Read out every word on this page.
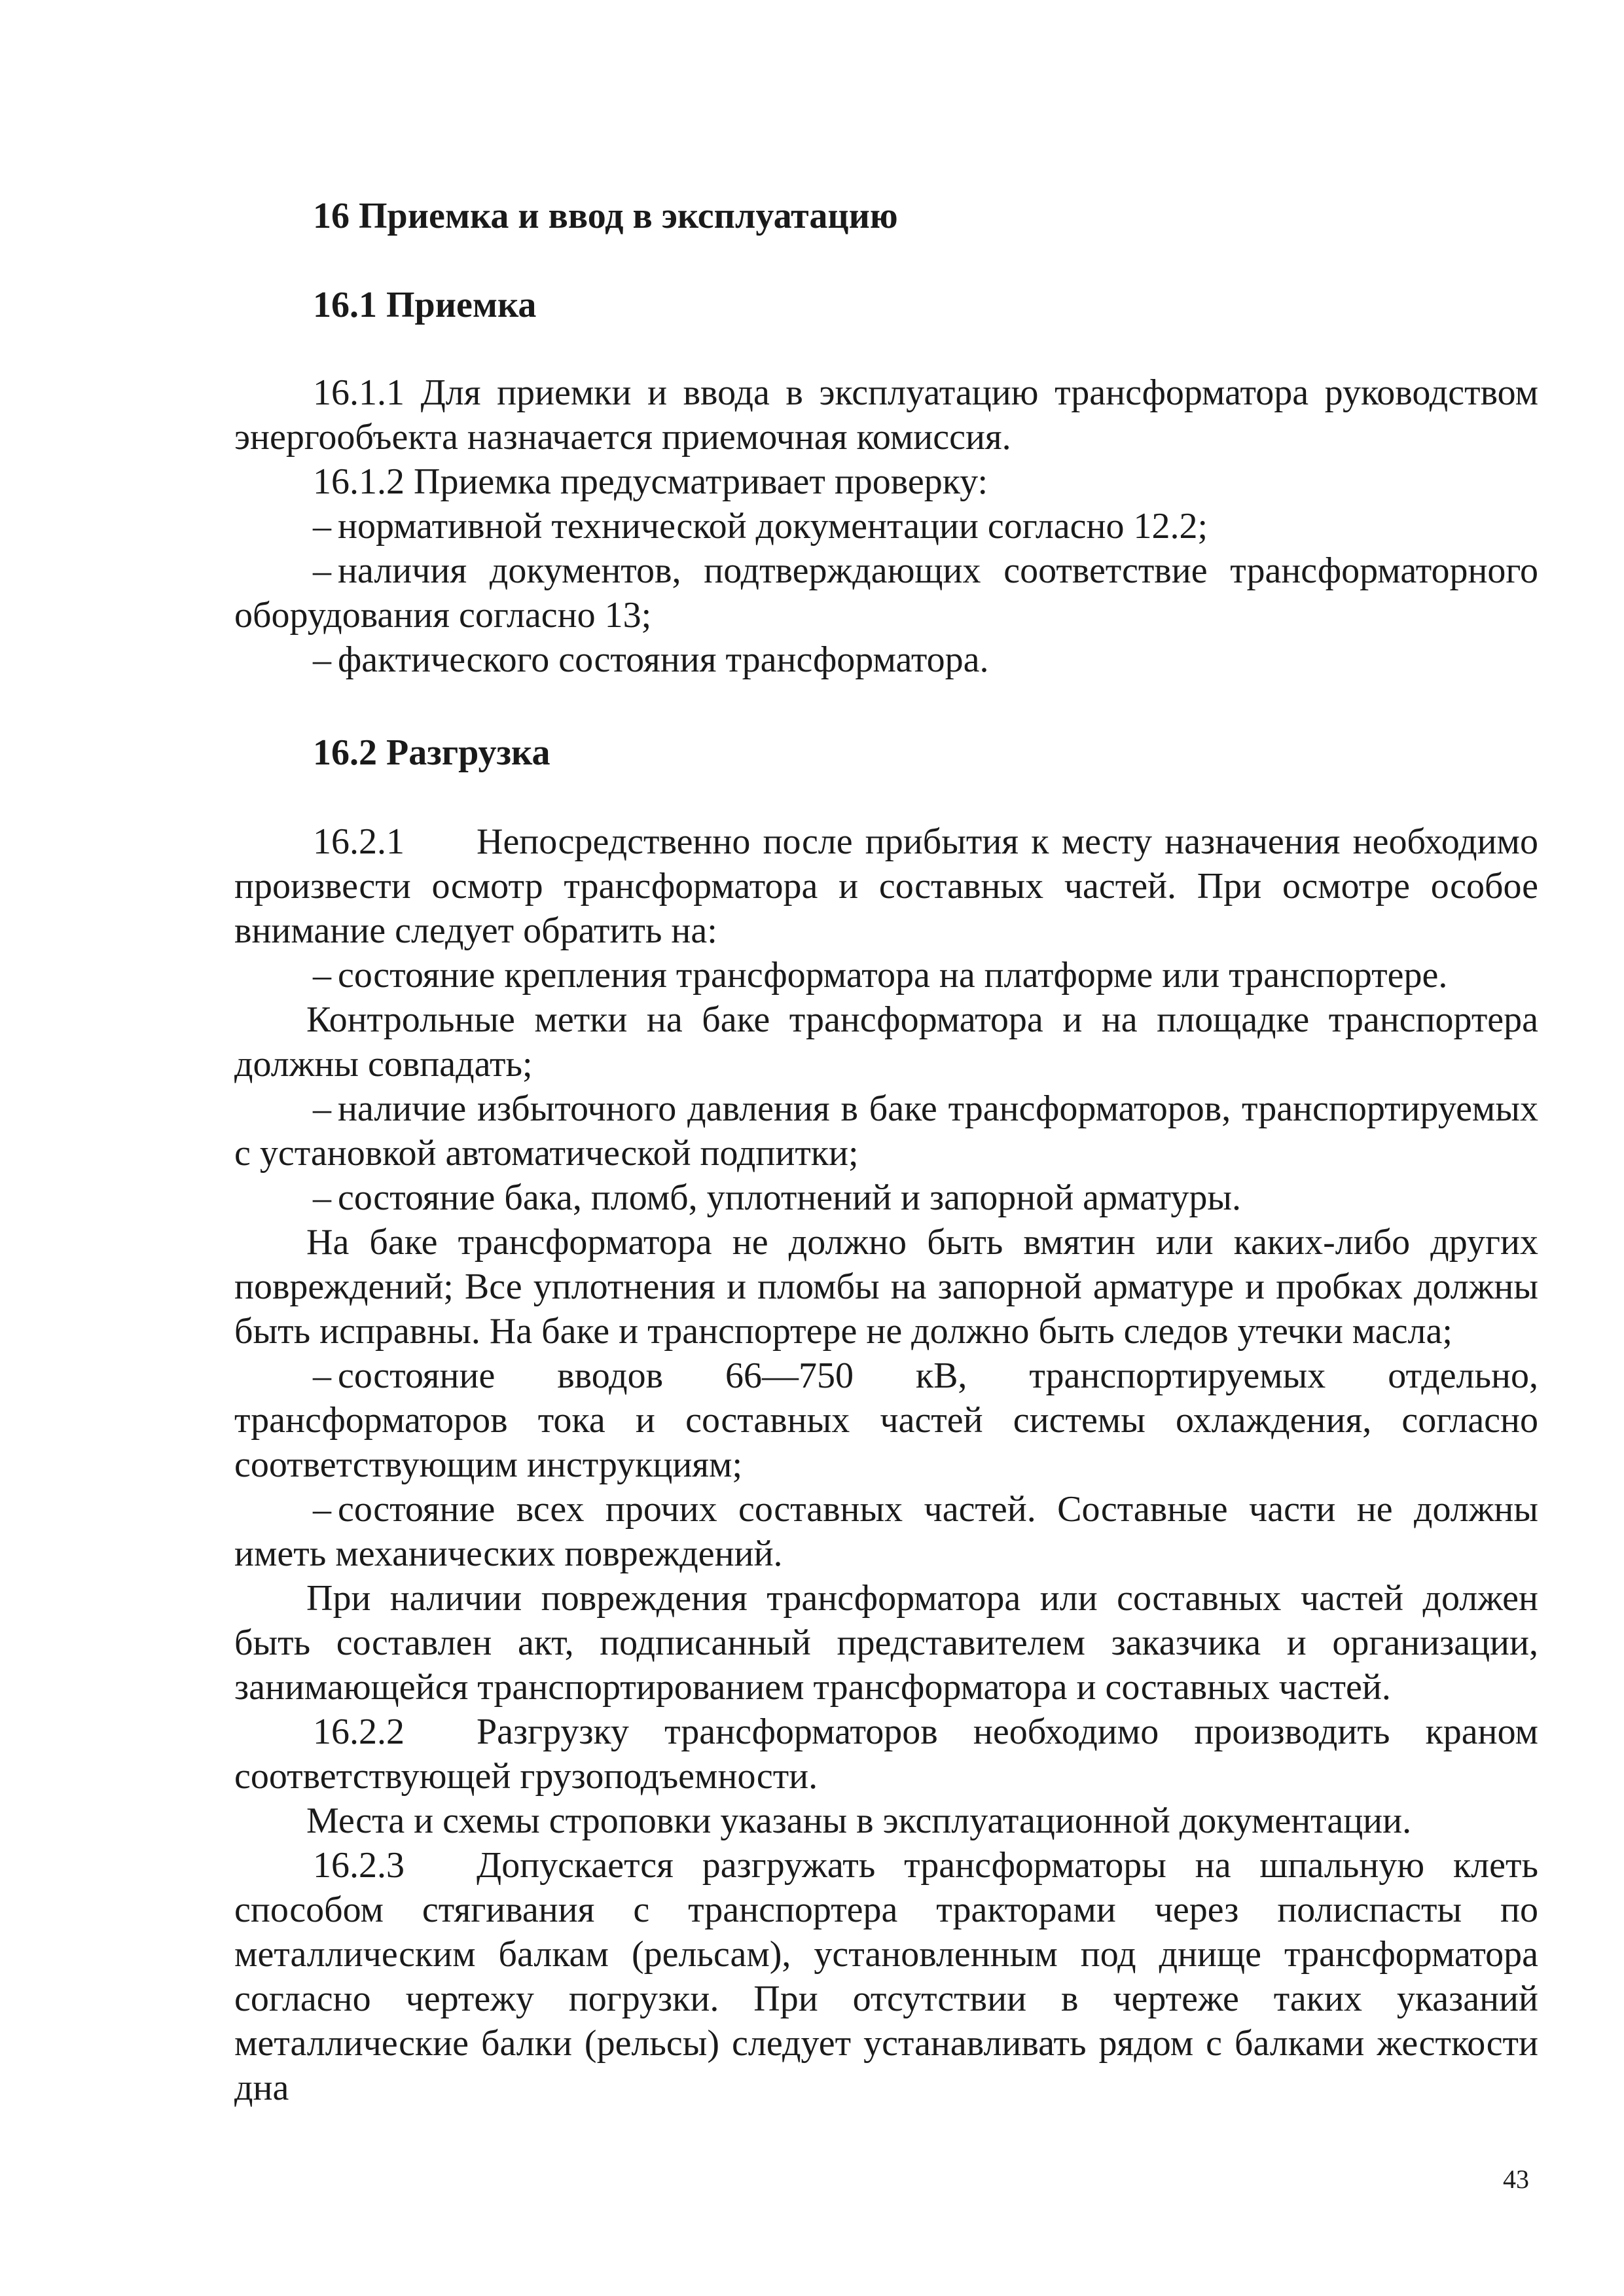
16 Приемка и ввод в эксплуатацию
16.1 Приемка

16.1.1 Для приемки и ввода в эксплуатацию трансформатора руководством энергообъекта назначается приемочная комиссия.

16.1.2 Приемка предусматривает проверку:

– нормативной технической документации согласно 12.2;

– наличия документов, подтверждающих соответствие трансформаторного оборудования согласно 13;

– фактического состояния трансформатора.

16.2 Разгрузка

16.2.1 Непосредственно после прибытия к месту назначения необходимо произвести осмотр трансформатора и составных частей. При осмотре особое внимание следует обратить на:

– состояние крепления трансформатора на платформе или транспортере.

Контрольные метки на баке трансформатора и на площадке транспортера должны совпадать;

– наличие избыточного давления в баке трансформаторов, транспортируемых с установкой автоматической подпитки;

– состояние бака, пломб, уплотнений и запорной арматуры.

На баке трансформатора не должно быть вмятин или каких-либо других повреждений; Все уплотнения и пломбы на запорной арматуре и пробках должны быть исправны. На баке и транспортере не должно быть следов утечки масла;

– состояние вводов 66—750 кВ, транспортируемых отдельно, трансформаторов тока и составных частей системы охлаждения, согласно соответствующим инструкциям;

– состояние всех прочих составных частей. Составные части не должны иметь механических повреждений.

При наличии повреждения трансформатора или составных частей должен быть составлен акт, подписанный представителем заказчика и организации, занимающейся транспортированием трансформатора и составных частей.

16.2.2 Разгрузку трансформаторов необходимо производить краном соответствующей грузоподъемности.

Места и схемы строповки указаны в эксплуатационной документации.

16.2.3 Допускается разгружать трансформаторы на шпальную клеть способом стягивания с транспортера тракторами через полиспасты по металлическим балкам (рельсам), установленным под днище трансформатора согласно чертежу погрузки. При отсутствии в чертеже таких указаний металлические балки (рельсы) следует устанавливать рядом с балками жесткости дна

43
